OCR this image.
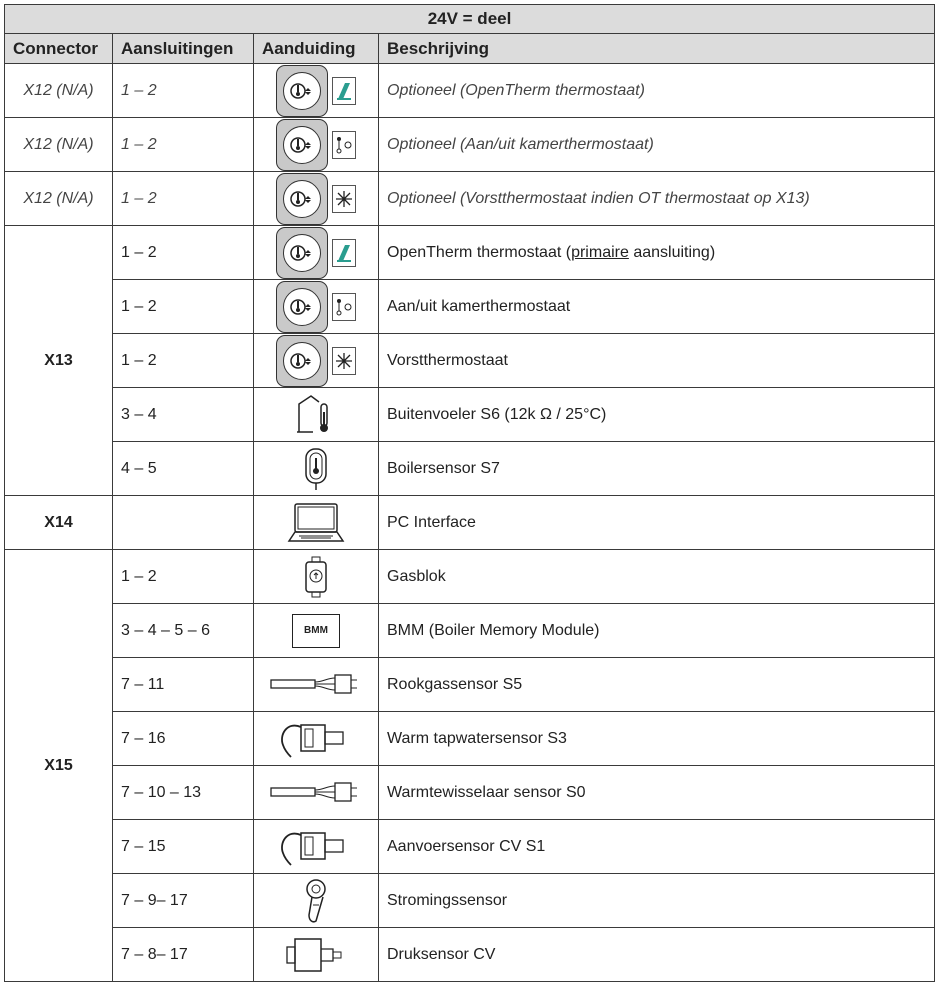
24V = deel			
Connector	Aansluitingen	Aanduiding	Beschrijving
X12 (N/A)	1 – 2		Optioneel (OpenTherm thermostaat)
X12 (N/A)	1 – 2		Optioneel (Aan/uit kamerthermostaat)
X12 (N/A)	1 – 2		Optioneel (Vorstthermostaat indien OT thermostaat op X13)
X13	1 – 2		OpenTherm thermostaat (primaire aansluiting)
	1 – 2		Aan/uit kamerthermostaat
	1 – 2		Vorstthermostaat
	3 – 4		Buitenvoeler S6 (12k Ω / 25°C)
	4 – 5		Boilersensor S7
X14			PC Interface
X15	1 – 2		Gasblok
	3 – 4 – 5 – 6	BMM	BMM (Boiler Memory Module)
	7 – 11		Rookgassensor S5
	7 – 16		Warm tapwatersensor S3
	7 – 10 – 13		Warmtewisselaar sensor S0
	7 – 15		Aanvoersensor CV S1
	7 – 9– 17		Stromingssensor
	7 – 8– 17		Druksensor CV
